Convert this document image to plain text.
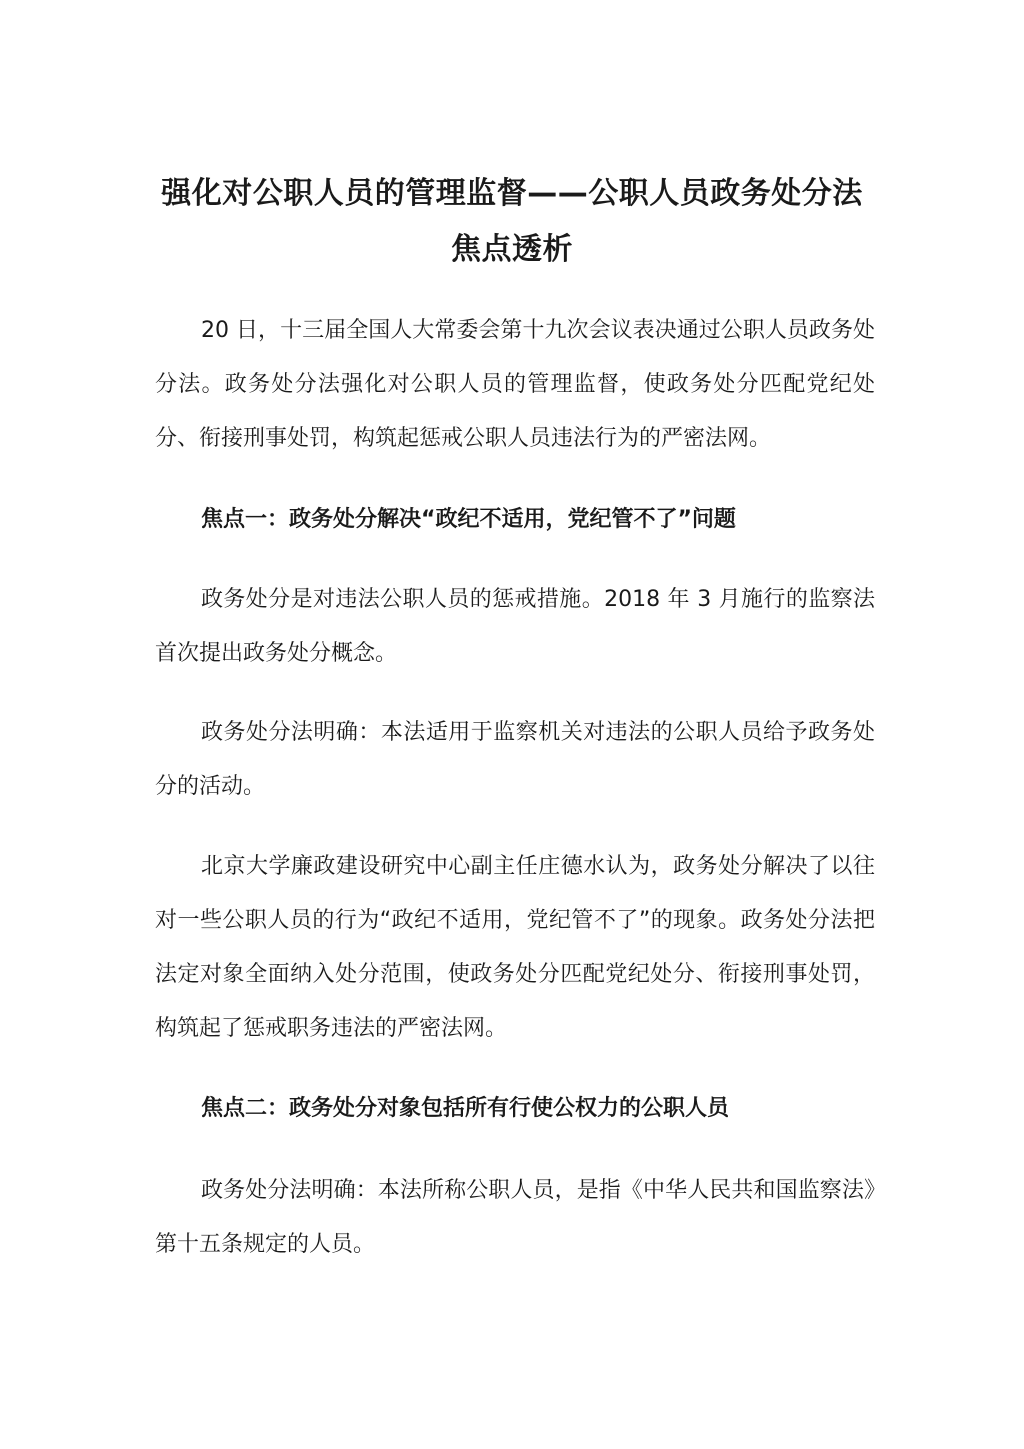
强化对公职人员的管理监督——公职人员政务处分法焦点透析

20 日，十三届全国人大常委会第十九次会议表决通过公职人员政务处分法。政务处分法强化对公职人员的管理监督，使政务处分匹配党纪处分、衔接刑事处罚，构筑起惩戒公职人员违法行为的严密法网。

焦点一：政务处分解决“政纪不适用，党纪管不了”问题

政务处分是对违法公职人员的惩戒措施。2018 年 3 月施行的监察法首次提出政务处分概念。

政务处分法明确：本法适用于监察机关对违法的公职人员给予政务处分的活动。

北京大学廉政建设研究中心副主任庄德水认为，政务处分解决了以往对一些公职人员的行为“政纪不适用，党纪管不了”的现象。政务处分法把法定对象全面纳入处分范围，使政务处分匹配党纪处分、衔接刑事处罚，构筑起了惩戒职务违法的严密法网。

焦点二：政务处分对象包括所有行使公权力的公职人员

政务处分法明确：本法所称公职人员，是指《中华人民共和国监察法》第十五条规定的人员。
